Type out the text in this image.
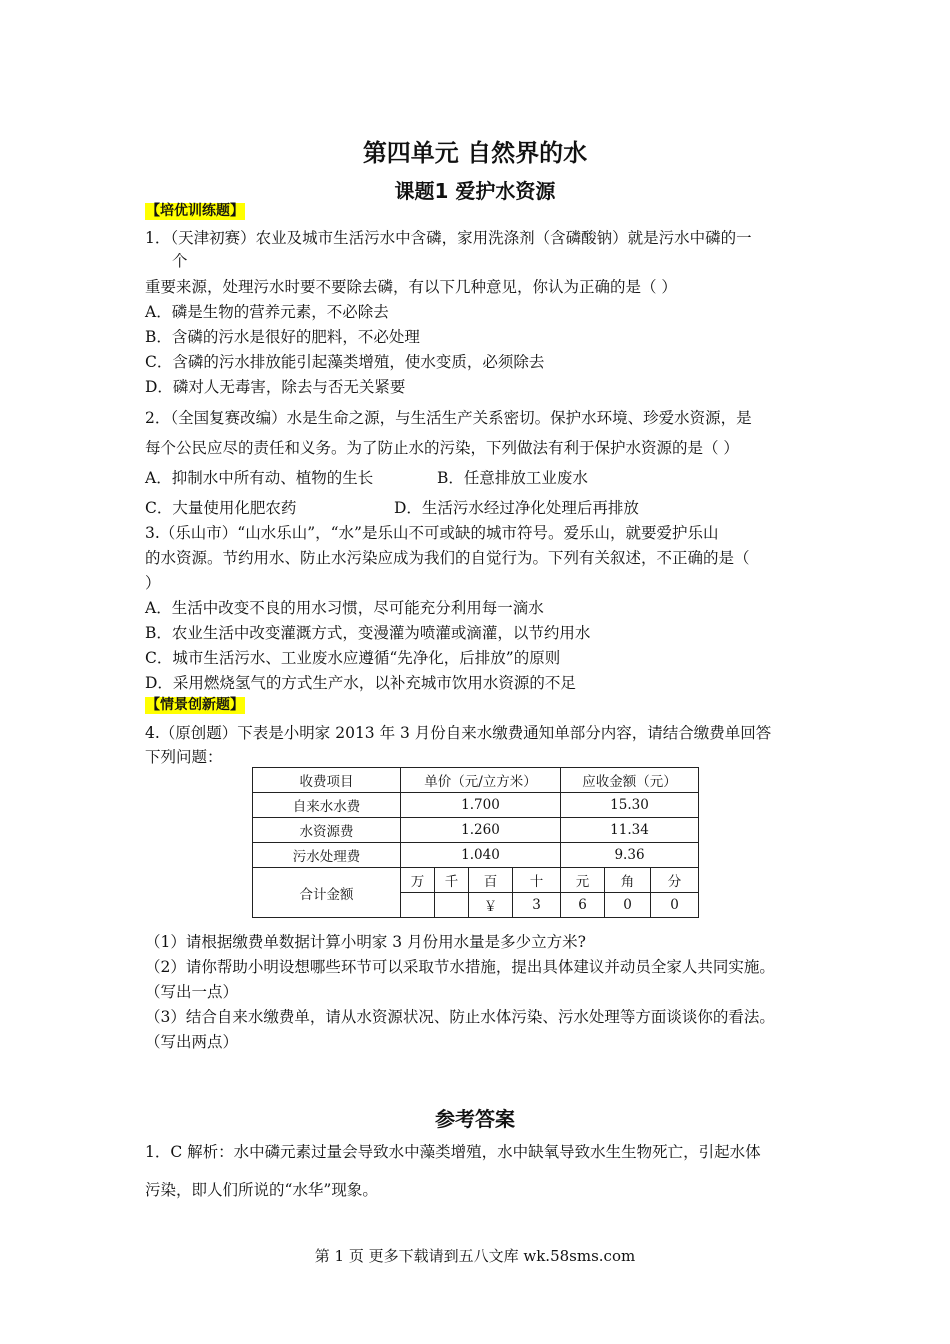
第四单元 自然界的水
课题1 爱护水资源
【培优训练题】
1．（天津初赛）农业及城市生活污水中含磷，家用洗涤剂（含磷酸钠）就是污水中磷的一
个
重要来源，处理污水时要不要除去磷，有以下几种意见，你认为正确的是（ ）
A．磷是生物的营养元素，不必除去
B．含磷的污水是很好的肥料，不必处理
C．含磷的污水排放能引起藻类增殖，使水变质，必须除去
D．磷对人无毒害，除去与否无关紧要
2．（全国复赛改编）水是生命之源，与生活生产关系密切。保护水环境、珍爱水资源，是
每个公民应尽的责任和义务。为了防止水的污染，下列做法有利于保护水资源的是（ ）
A．抑制水中所有动、植物的生长	B．任意排放工业废水
C．大量使用化肥农药	D．生活污水经过净化处理后再排放
3.（乐山市）“山水乐山”，“水”是乐山不可或缺的城市符号。爱乐山，就要爱护乐山
的水资源。节约用水、防止水污染应成为我们的自觉行为。下列有关叙述，不正确的是（
）
A．生活中改变不良的用水习惯，尽可能充分利用每一滴水
B．农业生活中改变灌溉方式，变漫灌为喷灌或滴灌，以节约用水
C．城市生活污水、工业废水应遵循“先净化，后排放”的原则
D．采用燃烧氢气的方式生产水，以补充城市饮用水资源的不足
【情景创新题】
4.（原创题）下表是小明家 2013 年 3 月份自来水缴费通知单部分内容，请结合缴费单回答
下列问题：
收费项目	单价（元/立方米）				应收金额（元）		
自来水水费	1.700				15.30		
水资源费	1.260				11.34		
污水处理费	1.040				9.36		
合计金额	万	千	百	十	元	角	分
			￥	3	6	0	0
（1）请根据缴费单数据计算小明家 3 月份用水量是多少立方米?
（2）请你帮助小明设想哪些环节可以采取节水措施，提出具体建议并动员全家人共同实施。
（写出一点）
（3）结合自来水缴费单，请从水资源状况、防止水体污染、污水处理等方面谈谈你的看法。
（写出两点）
参考答案
1．C 解析：水中磷元素过量会导致水中藻类增殖，水中缺氧导致水生生物死亡，引起水体
污染，即人们所说的“水华”现象。
第 1 页 更多下载请到五八文库 wk.58sms.com
